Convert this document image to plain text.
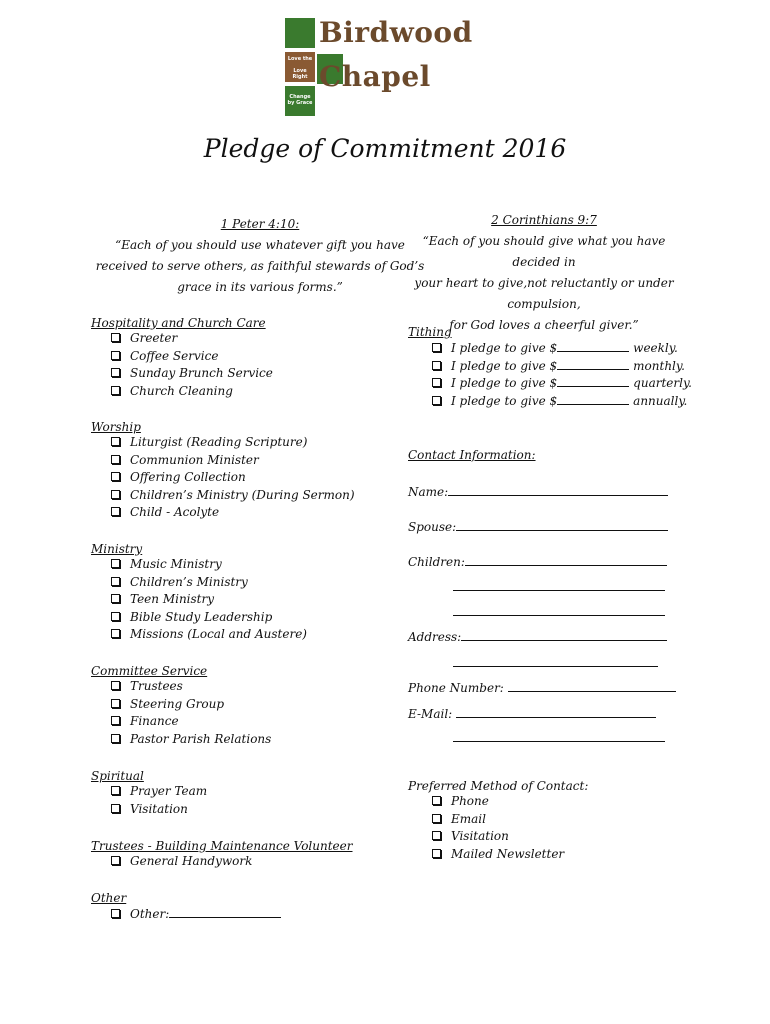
Love the
Love Right
Change by Grace
Birdwood
Chapel
Pledge of Commitment 2016
1 Peter 4:10:
“Each of you should use whatever gift you have
received to serve others, as faithful stewards of God’s
grace in its various forms.”
2 Corinthians 9:7
“Each of you should give what you have decided in
your heart to give,not reluctantly or under compulsion,
for God loves a cheerful giver.”
Hospitality and Church Care
Greeter
Coffee Service
Sunday Brunch Service
Church Cleaning
Worship
Liturgist (Reading Scripture)
Communion Minister
Offering Collection
Children’s Ministry (During Sermon)
Child - Acolyte
Ministry
Music Ministry
Children’s Ministry
Teen Ministry
Bible Study Leadership
Missions (Local and Austere)
Committee Service
Trustees
Steering Group
Finance
Pastor Parish Relations
Spiritual
Prayer Team
Visitation
Trustees - Building Maintenance Volunteer
General Handywork
Other
Other:
Tithing
I pledge to give $	weekly.
I pledge to give $	monthly.
I pledge to give $	quarterly.
I pledge to give $	annually.
Contact Information:
Name:
Spouse:
Children:
Address:
Phone Number:
E-Mail:
Preferred Method of Contact:
Phone
Email
Visitation
Mailed Newsletter
